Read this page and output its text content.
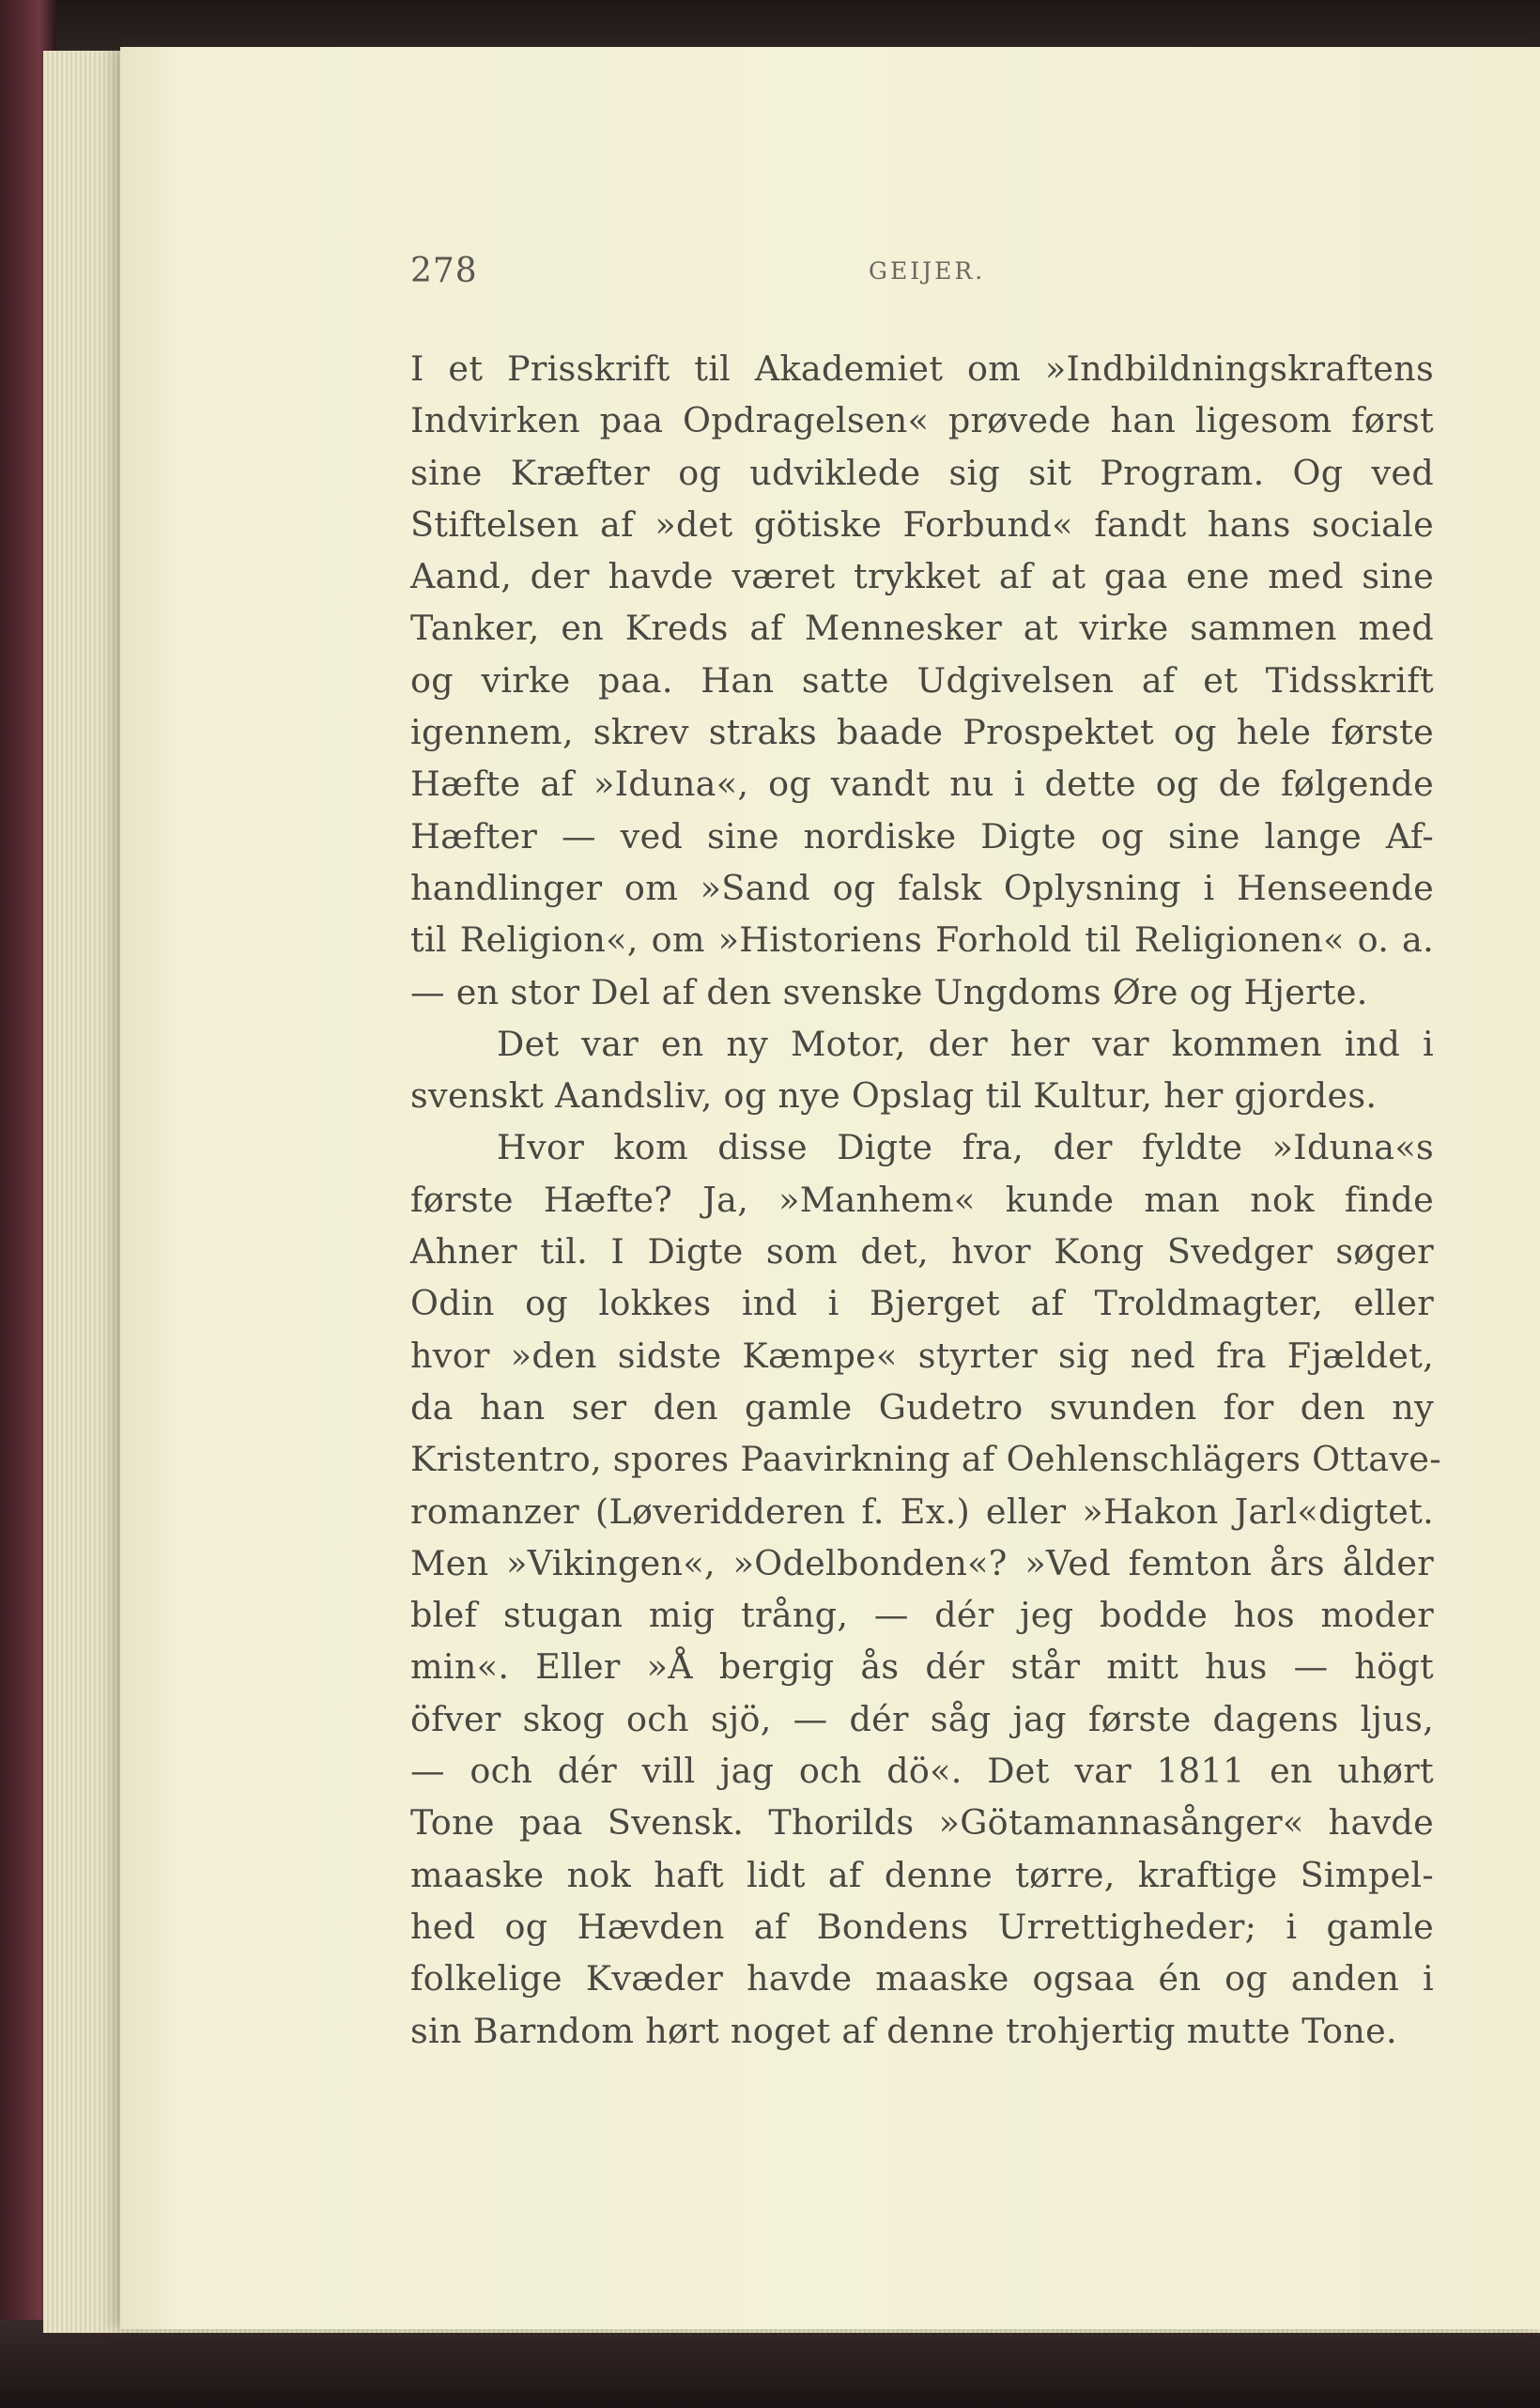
278	GEIJER.
I et Prisskrift til Akademiet om »Indbildningskraftens
Indvirken paa Opdragelsen« prøvede han ligesom først
sine Kræfter og udviklede sig sit Program. Og ved
Stiftelsen af »det götiske Forbund« fandt hans sociale
Aand, der havde været trykket af at gaa ene med sine
Tanker, en Kreds af Mennesker at virke sammen med
og virke paa. Han satte Udgivelsen af et Tidsskrift
igennem, skrev straks baade Prospektet og hele første
Hæfte af »Iduna«, og vandt nu i dette og de følgende
Hæfter — ved sine nordiske Digte og sine lange Af-
handlinger om »Sand og falsk Oplysning i Henseende
til Religion«, om »Historiens Forhold til Religionen« o. a.
— en stor Del af den svenske Ungdoms Øre og Hjerte.
Det var en ny Motor, der her var kommen ind i
svenskt Aandsliv, og nye Opslag til Kultur, her gjordes.
Hvor kom disse Digte fra, der fyldte »Iduna«s
første Hæfte? Ja, »Manhem« kunde man nok finde
Ahner til. I Digte som det, hvor Kong Svedger søger
Odin og lokkes ind i Bjerget af Troldmagter, eller
hvor »den sidste Kæmpe« styrter sig ned fra Fjældet,
da han ser den gamle Gudetro svunden for den ny
Kristentro, spores Paavirkning af Oehlenschlägers Ottave-
romanzer (Løveridderen f. Ex.) eller »Hakon Jarl«digtet.
Men »Vikingen«, »Odelbonden«? »Ved femton års ålder
blef stugan mig trång, — dér jeg bodde hos moder
min«. Eller »Å bergig ås dér står mitt hus — högt
öfver skog och sjö, — dér såg jag første dagens ljus,
— och dér vill jag och dö«. Det var 1811 en uhørt
Tone paa Svensk. Thorilds »Götamannasånger« havde
maaske nok haft lidt af denne tørre, kraftige Simpel-
hed og Hævden af Bondens Urrettigheder; i gamle
folkelige Kvæder havde maaske ogsaa én og anden i
sin Barndom hørt noget af denne trohjertig mutte Tone.
